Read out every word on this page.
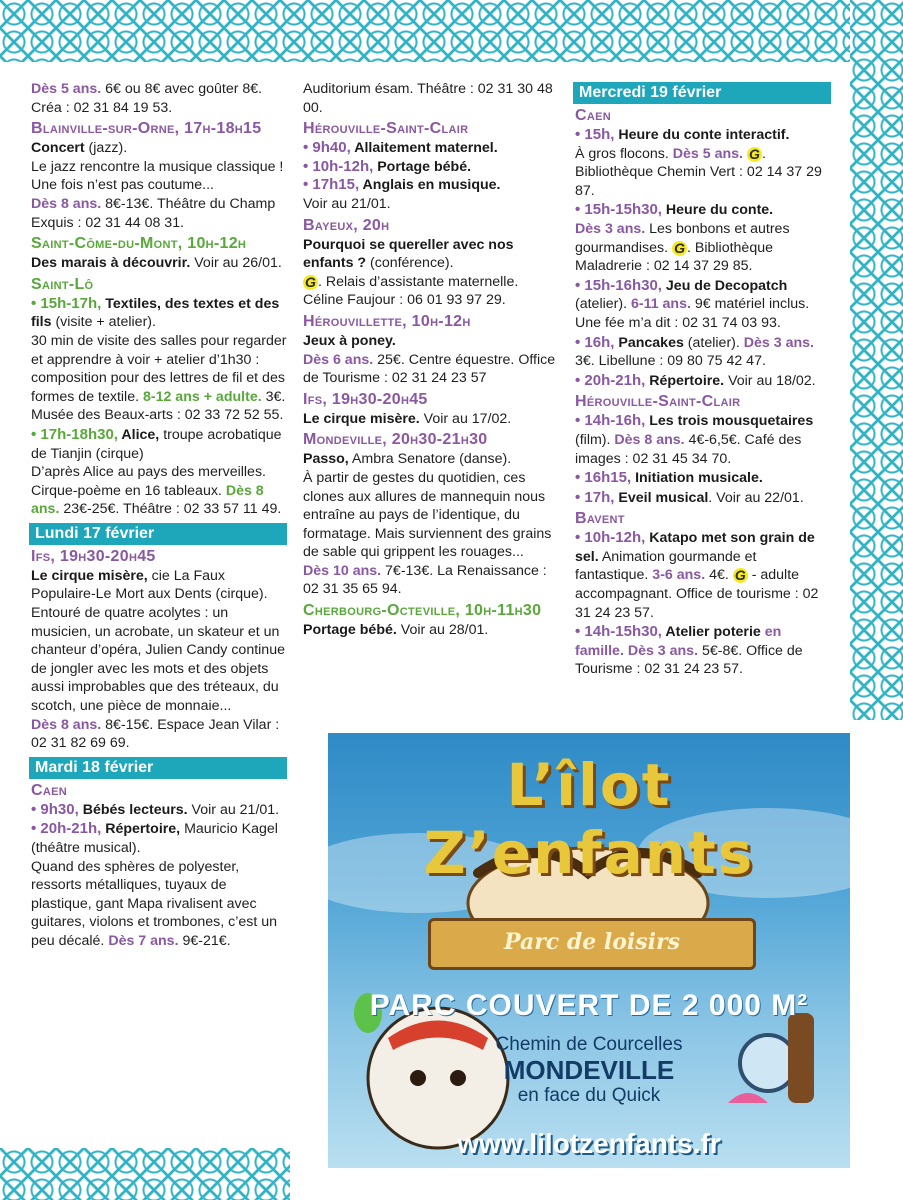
Dès 5 ans. 6€ ou 8€ avec goûter 8€. Créa : 02 31 84 19 53.
Blainville-sur-Orne, 17h-18h15
Concert (jazz).
Le jazz rencontre la musique classique ! Une fois n’est pas coutume...
Dès 8 ans. 8€-13€. Théâtre du Champ Exquis : 02 31 44 08 31.
Saint-Côme-du-Mont, 10h-12h
Des marais à découvrir. Voir au 26/01.
Saint-Lô
• 15h-17h, Textiles, des textes et des fils (visite + atelier).
30 min de visite des salles pour regarder et apprendre à voir + atelier d’1h30 : composition pour des lettres de fil et des formes de textile. 8-12 ans + adulte. 3€. Musée des Beaux-arts : 02 33 72 52 55.
• 17h-18h30, Alice, troupe acrobatique de Tianjin (cirque)
D’après Alice au pays des merveilles. Cirque-poème en 16 tableaux. Dès 8 ans. 23€-25€. Théâtre : 02 33 57 11 49.
Lundi 17 février
Ifs, 19h30-20h45
Le cirque misère, cie La Faux Populaire-Le Mort aux Dents (cirque).
Entouré de quatre acolytes : un musicien, un acrobate, un skateur et un chanteur d’opéra, Julien Candy continue de jongler avec les mots et des objets aussi improbables que des tréteaux, du scotch, une pièce de monnaie...
Dès 8 ans. 8€-15€. Espace Jean Vilar : 02 31 82 69 69.
Mardi 18 février
Caen
• 9h30, Bébés lecteurs. Voir au 21/01.
• 20h-21h, Répertoire, Mauricio Kagel (théâtre musical).
Quand des sphères de polyester, ressorts métalliques, tuyaux de plastique, gant Mapa rivalisent avec guitares, violons et trombones, c’est un peu décalé. Dès 7 ans. 9€-21€.
Auditorium ésam. Théâtre : 02 31 30 48 00.
Hérouville-Saint-Clair
• 9h40, Allaitement maternel.
• 10h-12h, Portage bébé.
• 17h15, Anglais en musique.
Voir au 21/01.
Bayeux, 20h
Pourquoi se quereller avec nos enfants ? (conférence).
G . Relais d’assistante maternelle. Céline Faujour : 06 01 93 97 29.
Hérouvillette, 10h-12h
Jeux à poney.
Dès 6 ans. 25€. Centre équestre. Office de Tourisme : 02 31 24 23 57
Ifs, 19h30-20h45
Le cirque misère. Voir au 17/02.
Mondeville, 20h30-21h30
Passo, Ambra Senatore (danse).
À partir de gestes du quotidien, ces clones aux allures de mannequin nous entraîne au pays de l’identique, du formatage. Mais surviennent des grains de sable qui grippent les rouages...
Dès 10 ans. 7€-13€. La Renaissance : 02 31 35 65 94.
Cherbourg-Octeville, 10h-11h30
Portage bébé. Voir au 28/01.
Mercredi 19 février
Caen
• 15h, Heure du conte interactif.
À gros flocons. Dès 5 ans. G . Bibliothèque Chemin Vert : 02 14 37 29 87.
• 15h-15h30, Heure du conte.
Dès 3 ans. Les bonbons et autres gourmandises. G . Bibliothèque Maladrerie : 02 14 37 29 85.
• 15h-16h30, Jeu de Decopatch
(atelier). 6-11 ans. 9€ matériel inclus. Une fée m’a dit : 02 31 74 03 93.
• 16h, Pancakes (atelier). Dès 3 ans.
3€. Libellune : 09 80 75 42 47.
• 20h-21h, Répertoire. Voir au 18/02.
Hérouville-Saint-Clair
• 14h-16h, Les trois mousquetaires
(film). Dès 8 ans. 4€-6,5€. Café des images : 02 31 45 34 70.
• 16h15, Initiation musicale.
• 17h, Eveil musical. Voir au 22/01.
Bavent
• 10h-12h, Katapo met son grain de sel. Animation gourmande et fantastique. 3-6 ans. 4€. G - adulte accompagnant. Office de tourisme : 02 31 24 23 57.
• 14h-15h30, Atelier poterie en famille. Dès 3 ans. 5€-8€. Office de Tourisme : 02 31 24 23 57.
L’îlot
Z’enfants
Parc de loisirs
PARC COUVERT DE 2 000 M²
Chemin de Courcelles
MONDEVILLE
en face du Quick
www.lilotzenfants.fr
